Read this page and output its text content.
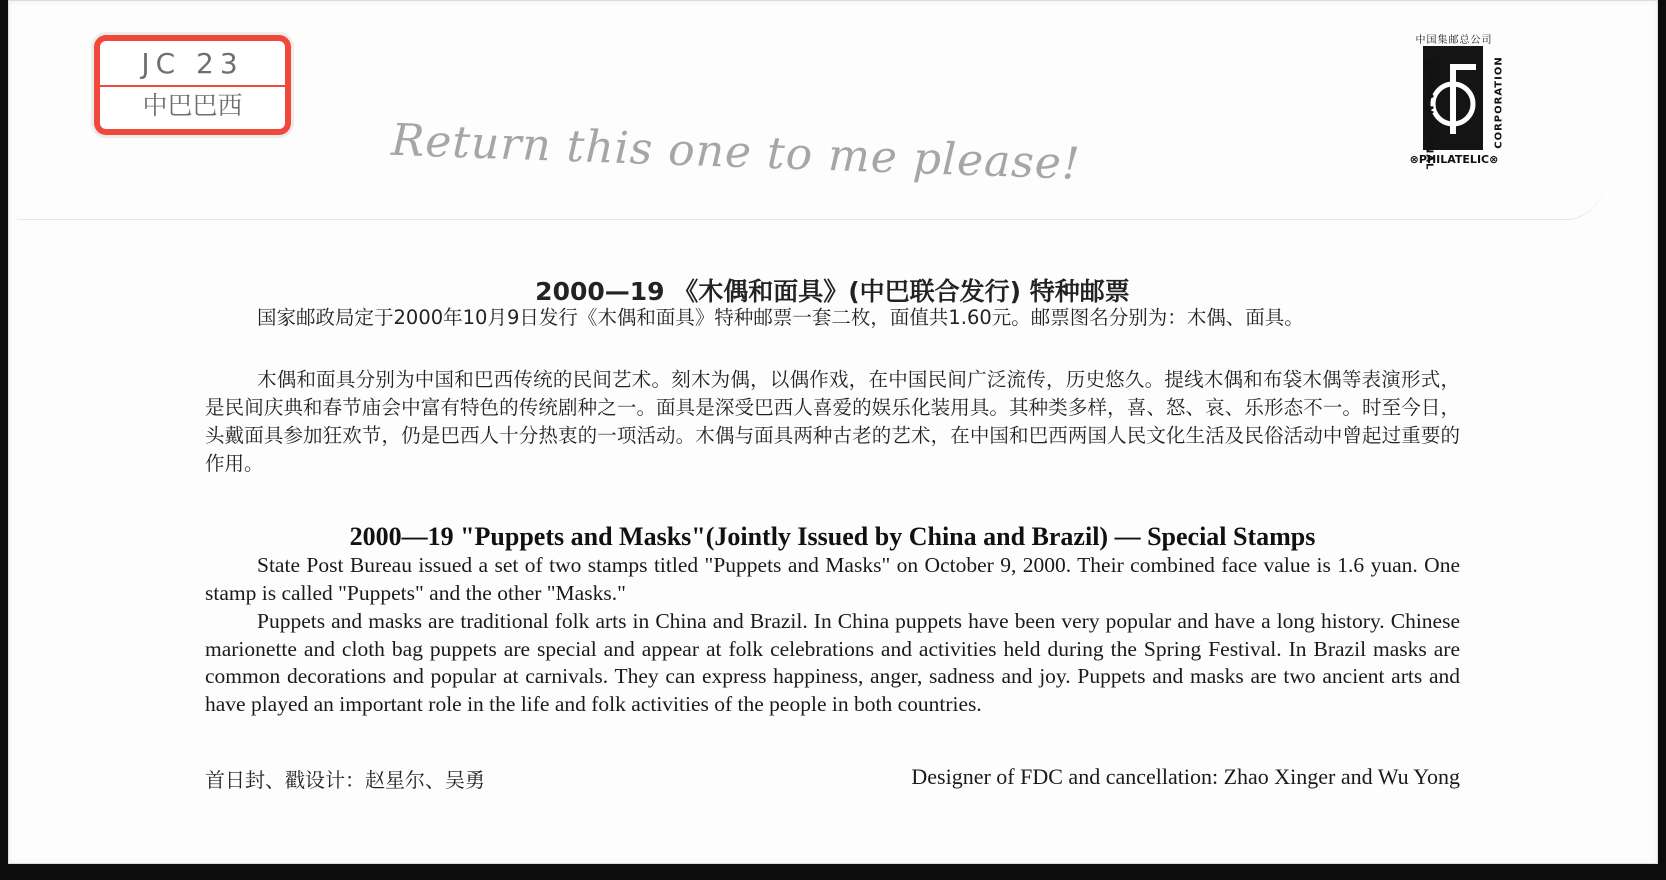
JC 23
中巴巴西
Return this one to me please!
中国集邮总公司
CHINA NATIONAL	CORPORATION
⊗PHILATELIC⊗
2000—19 《木偶和面具》(中巴联合发行) 特种邮票
国家邮政局定于2000年10月9日发行《木偶和面具》特种邮票一套二枚，面值共1.60元。邮票图名分别为：木偶、面具。
木偶和面具分别为中国和巴西传统的民间艺术。刻木为偶，以偶作戏，在中国民间广泛流传，历史悠久。提线木偶和布袋木偶等表演形式，是民间庆典和春节庙会中富有特色的传统剧种之一。面具是深受巴西人喜爱的娱乐化装用具。其种类多样，喜、怒、哀、乐形态不一。时至今日，头戴面具参加狂欢节，仍是巴西人十分热衷的一项活动。木偶与面具两种古老的艺术，在中国和巴西两国人民文化生活及民俗活动中曾起过重要的作用。
2000—19 "Puppets and Masks"(Jointly Issued by China and Brazil) — Special Stamps
State Post Bureau issued a set of two stamps titled "Puppets and Masks" on October 9, 2000. Their combined face value is 1.6 yuan. One stamp is called "Puppets" and the other "Masks."
Puppets and masks are traditional folk arts in China and Brazil. In China puppets have been very popular and have a long history. Chinese marionette and cloth bag puppets are special and appear at folk celebrations and activities held during the Spring Festival. In Brazil masks are common decorations and popular at carnivals. They can express happiness, anger, sadness and joy. Puppets and masks are two ancient arts and have played an important role in the life and folk activities of the people in both countries.
首日封、戳设计：赵星尔、吴勇	Designer of FDC and cancellation: Zhao Xinger and Wu Yong
